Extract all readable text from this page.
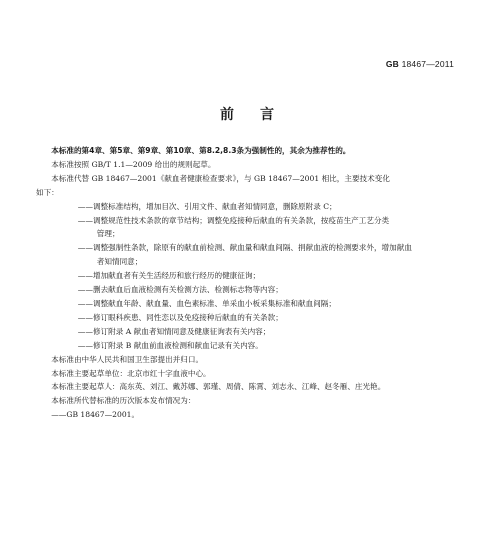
GB 18467—2011
前言

本标准的第4章、第5章、第9章、第10章、第8.2,8.3条为强制性的，其余为推荐性的。

本标准按照 GB/T 1.1—2009 给出的规则起草。

本标准代替 GB 18467—2001《献血者健康检查要求》，与 GB 18467—2001 相比，主要技术变化

如下：

——调整标准结构，增加目次、引用文件、献血者知情同意，删除原附录 C；

——调整规范性技术条款的章节结构；调整免疫接种后献血的有关条款，按疫苗生产工艺分类

管理；

——调整强制性条款，除原有的献血前检测、献血量和献血间隔、捐献血液的检测要求外，增加献血

者知情同意；

——增加献血者有关生活经历和旅行经历的健康征询；

——删去献血后血液检测有关检测方法、检测标志物等内容；

——调整献血年龄、献血量、血色素标准、单采血小板采集标准和献血间隔；

——修订眼科疾患、同性恋以及免疫接种后献血的有关条款；

——修订附录 A 献血者知情同意及健康征询表有关内容；

——修订附录 B 献血前血液检测和献血记录有关内容。

本标准由中华人民共和国卫生部提出并归口。

本标准主要起草单位：北京市红十字血液中心。

本标准主要起草人：高东英、刘江、戴苏娜、郭瑾、周倩、陈霄、刘志永、江峰、赵冬雁、庄光艳。

本标准所代替标准的历次版本发布情况为：

——GB 18467—2001。
